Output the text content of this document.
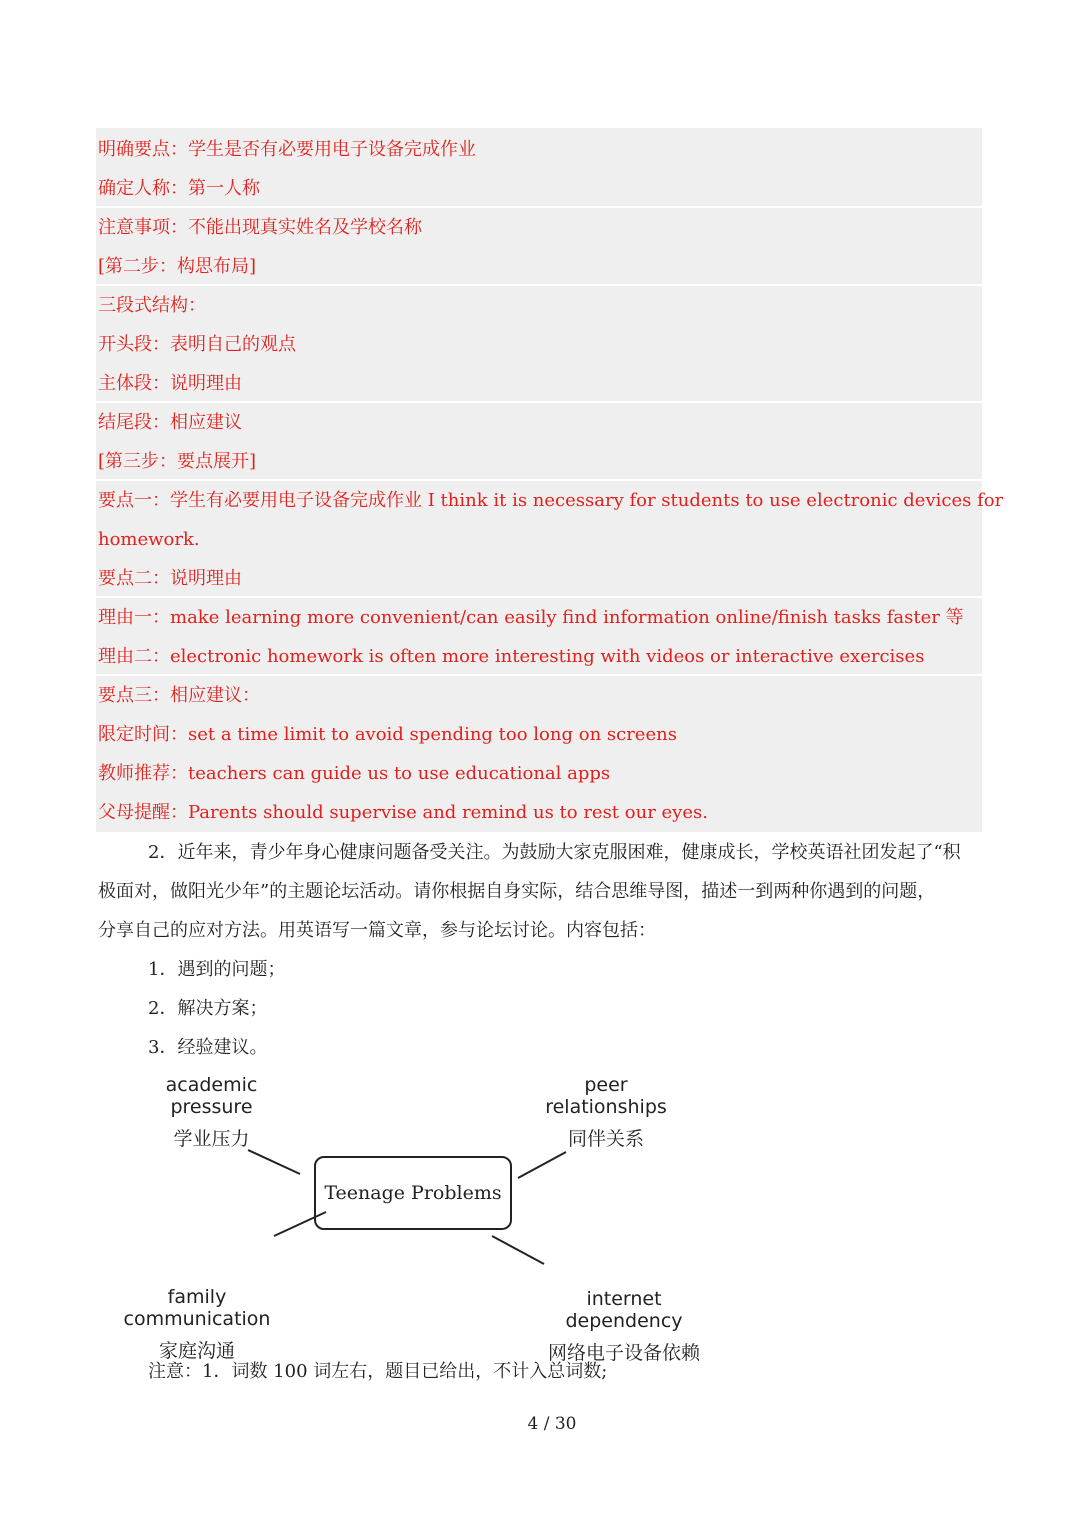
明确要点：学生是否有必要用电子设备完成作业
确定人称：第一人称
注意事项：不能出现真实姓名及学校名称
[第二步：构思布局]
三段式结构：
开头段：表明自己的观点
主体段：说明理由
结尾段：相应建议
[第三步：要点展开]
要点一：学生有必要用电子设备完成作业 I think it is necessary for students to use electronic devices for
homework.
要点二：说明理由
理由一：make learning more convenient/can easily find information online/finish tasks faster 等
理由二：electronic homework is often more interesting with videos or interactive exercises
要点三：相应建议：
限定时间：set a time limit to avoid spending too long on screens
教师推荐：teachers can guide us to use educational apps
父母提醒：Parents should supervise and remind us to rest our eyes.
2．近年来，青少年身心健康问题备受关注。为鼓励大家克服困难，健康成长，学校英语社团发起了“积
极面对，做阳光少年”的主题论坛活动。请你根据自身实际，结合思维导图，描述一到两种你遇到的问题，
分享自己的应对方法。用英语写一篇文章，参与论坛讨论。内容包括：
1．遇到的问题；
2．解决方案；
3．经验建议。
Teenage Problems
academic pressure
学业压力
peer relationships
同伴关系
family communication
家庭沟通
internet dependency
网络电子设备依赖
注意：1．词数 100 词左右，题目已给出，不计入总词数;
4 / 30
